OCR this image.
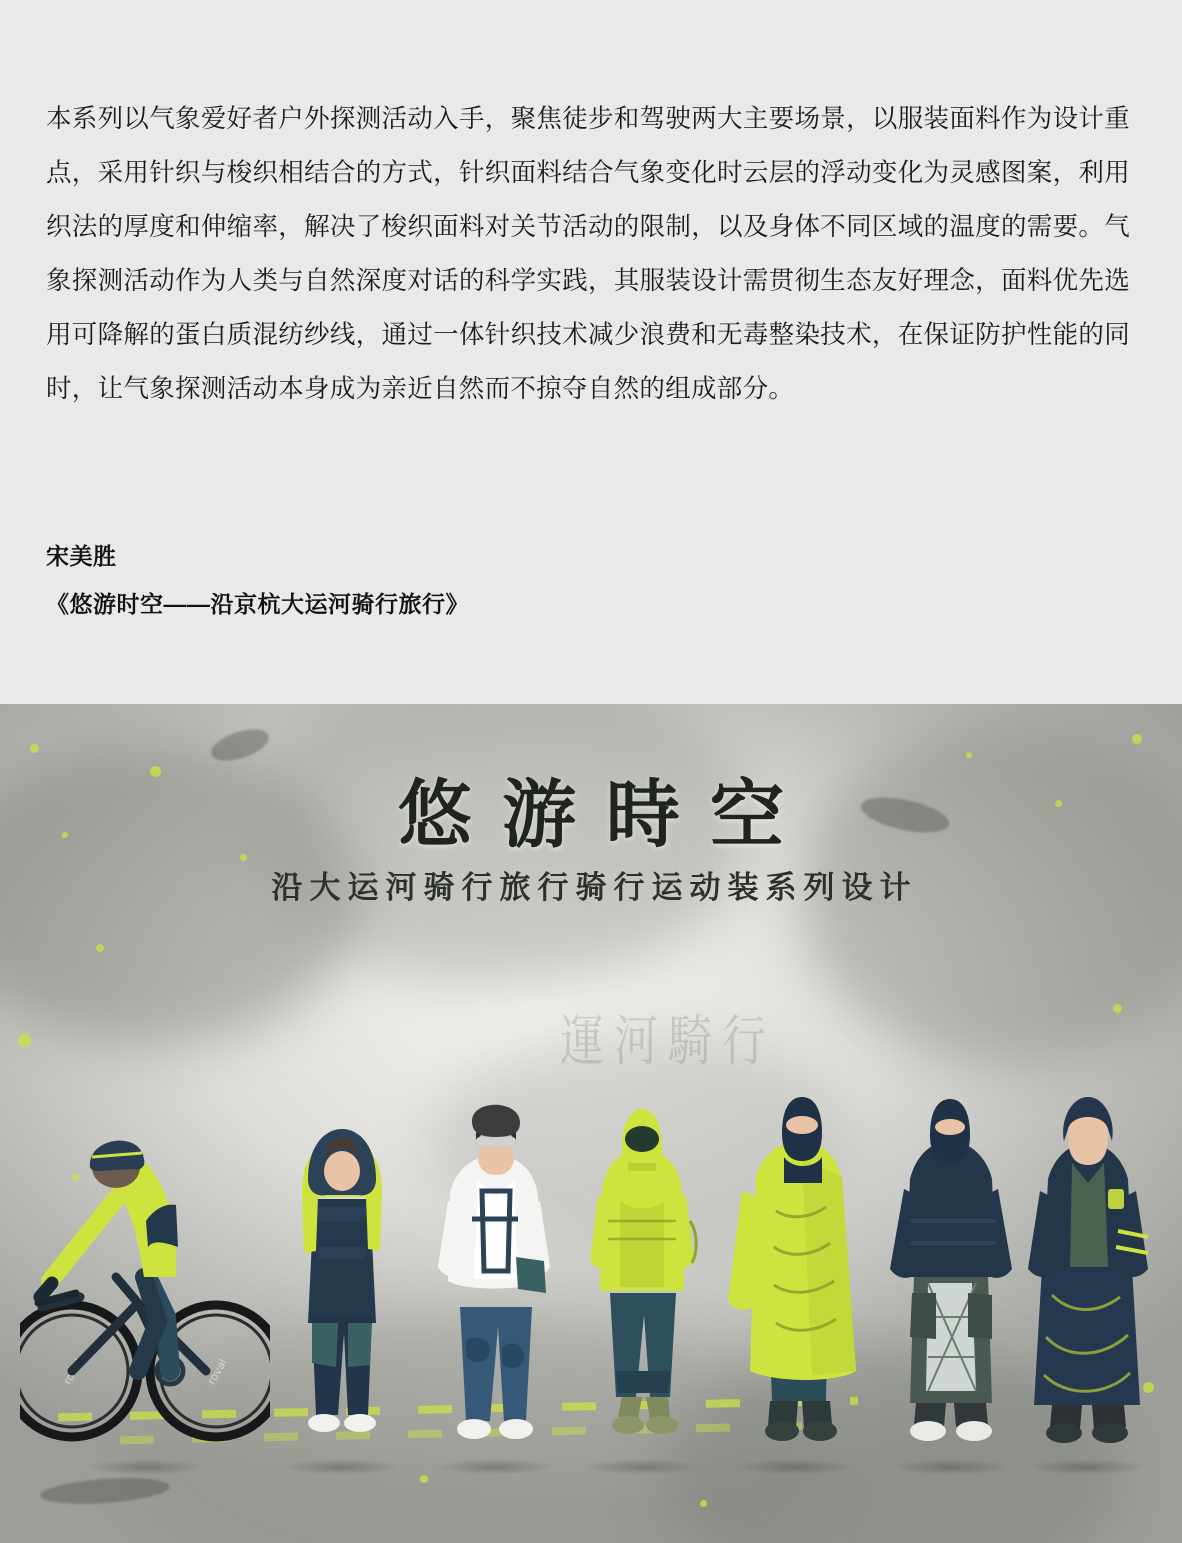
本系列以气象爱好者户外探测活动入手，聚焦徒步和驾驶两大主要场景，以服装面料作为设计重点，采用针织与梭织相结合的方式，针织面料结合气象变化时云层的浮动变化为灵感图案，利用织法的厚度和伸缩率，解决了梭织面料对关节活动的限制，以及身体不同区域的温度的需要。气象探测活动作为人类与自然深度对话的科学实践，其服装设计需贯彻生态友好理念，面料优先选用可降解的蛋白质混纺纱线，通过一体针织技术减少浪费和无毒整染技术，在保证防护性能的同时，让气象探测活动本身成为亲近自然而不掠夺自然的组成部分。

宋美胜
《悠游时空——沿京杭大运河骑行旅行》
運河騎行
悠游時空
沿大运河骑行旅行骑行运动装系列设计
roval	roval
